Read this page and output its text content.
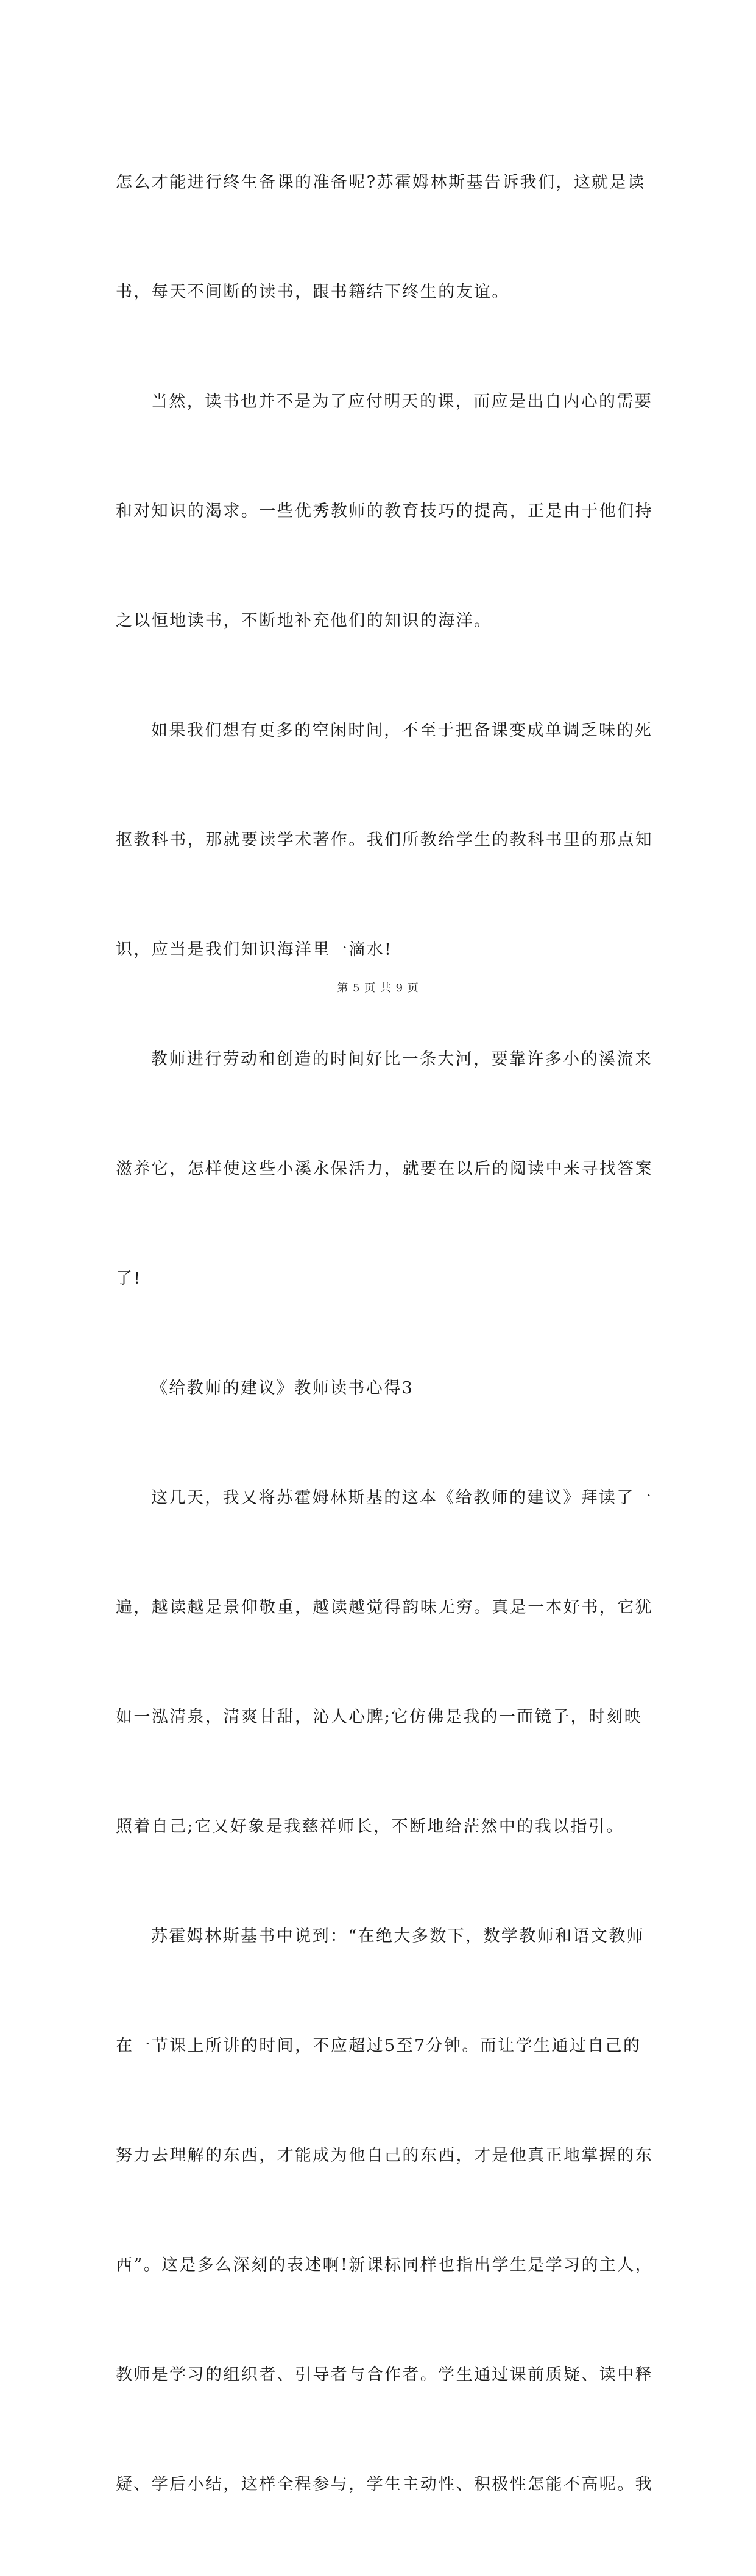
怎么才能进行终生备课的准备呢?苏霍姆林斯基告诉我们，这就是读

书，每天不间断的读书，跟书籍结下终生的友谊。

当然，读书也并不是为了应付明天的课，而应是出自内心的需要

和对知识的渴求。一些优秀教师的教育技巧的提高，正是由于他们持

之以恒地读书，不断地补充他们的知识的海洋。

如果我们想有更多的空闲时间，不至于把备课变成单调乏味的死

抠教科书，那就要读学术著作。我们所教给学生的教科书里的那点知

识，应当是我们知识海洋里一滴水!

教师进行劳动和创造的时间好比一条大河，要靠许多小的溪流来

滋养它，怎样使这些小溪永保活力，就要在以后的阅读中来寻找答案

了!

《给教师的建议》教师读书心得3

这几天，我又将苏霍姆林斯基的这本《给教师的建议》拜读了一

遍，越读越是景仰敬重，越读越觉得韵味无穷。真是一本好书，它犹

如一泓清泉，清爽甘甜，沁人心脾;它仿佛是我的一面镜子，时刻映

照着自己;它又好象是我慈祥师长，不断地给茫然中的我以指引。

苏霍姆林斯基书中说到：“在绝大多数下，数学教师和语文教师

在一节课上所讲的时间，不应超过5至7分钟。而让学生通过自己的

努力去理解的东西，才能成为他自己的东西，才是他真正地掌握的东

西”。这是多么深刻的表述啊!新课标同样也指出学生是学习的主人，

教师是学习的组织者、引导者与合作者。学生通过课前质疑、读中释

疑、学后小结，这样全程参与，学生主动性、积极性怎能不高呢。我

第 5 页 共 9 页
